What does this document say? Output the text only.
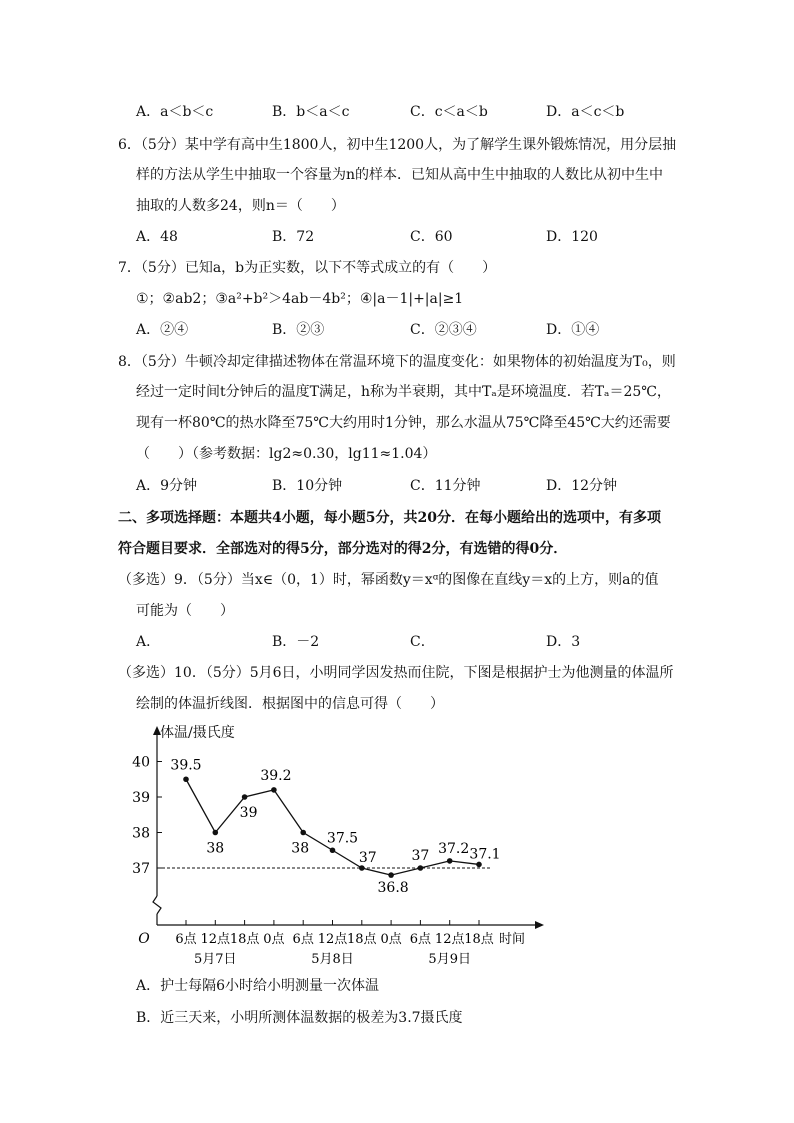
A．a＜b＜c	B．b＜a＜c	C．c＜a＜b	D．a＜c＜b
6．（5分）某中学有高中生1800人，初中生1200人，为了解学生课外锻炼情况，用分层抽
样的方法从学生中抽取一个容量为n的样本．已知从高中生中抽取的人数比从初中生中
抽取的人数多24，则n＝（　　）
A．48	B．72	C．60	D．120
7．（5分）已知a，b为正实数，以下不等式成立的有（　　）
①；②ab2；③a²+b²＞4ab－4b²；④|a－1|+|a|≥1
A．②④	B．②③	C．②③④	D．①④
8．（5分）牛顿冷却定律描述物体在常温环境下的温度变化：如果物体的初始温度为T₀，则
经过一定时间t分钟后的温度T满足，h称为半衰期，其中Tₐ是环境温度．若Tₐ＝25℃，
现有一杯80℃的热水降至75℃大约用时1分钟，那么水温从75℃降至45℃大约还需要
（　　）（参考数据：lg2≈0.30，lg11≈1.04）
A．9分钟	B．10分钟	C．11分钟	D．12分钟
二、多项选择题：本题共4小题，每小题5分，共20分．在每小题给出的选项中，有多项
符合题目要求．全部选对的得5分，部分选对的得2分，有选错的得0分．
（多选）9．（5分）当x∈（0，1）时，幂函数y＝xᵅ的图像在直线y＝x的上方，则a的值
可能为（　　）
A．	B．－2	C．	D．3
（多选）10．（5分）5月6日，小明同学因发热而住院，下图是根据护士为他测量的体温所
绘制的体温折线图．根据图中的信息可得（　　）
40
39
38
37
6点 12点 18点 0点 6点 12点 18点 0点 6点 12点 18点 时间
O
5月7日	5月8日	5月9日
39.5
38
39
39.2
38
37.5
37
36.8
37 37.2 37.1
体温/摄氏度
A．护士每隔6小时给小明测量一次体温
B．近三天来，小明所测体温数据的极差为3.7摄氏度
